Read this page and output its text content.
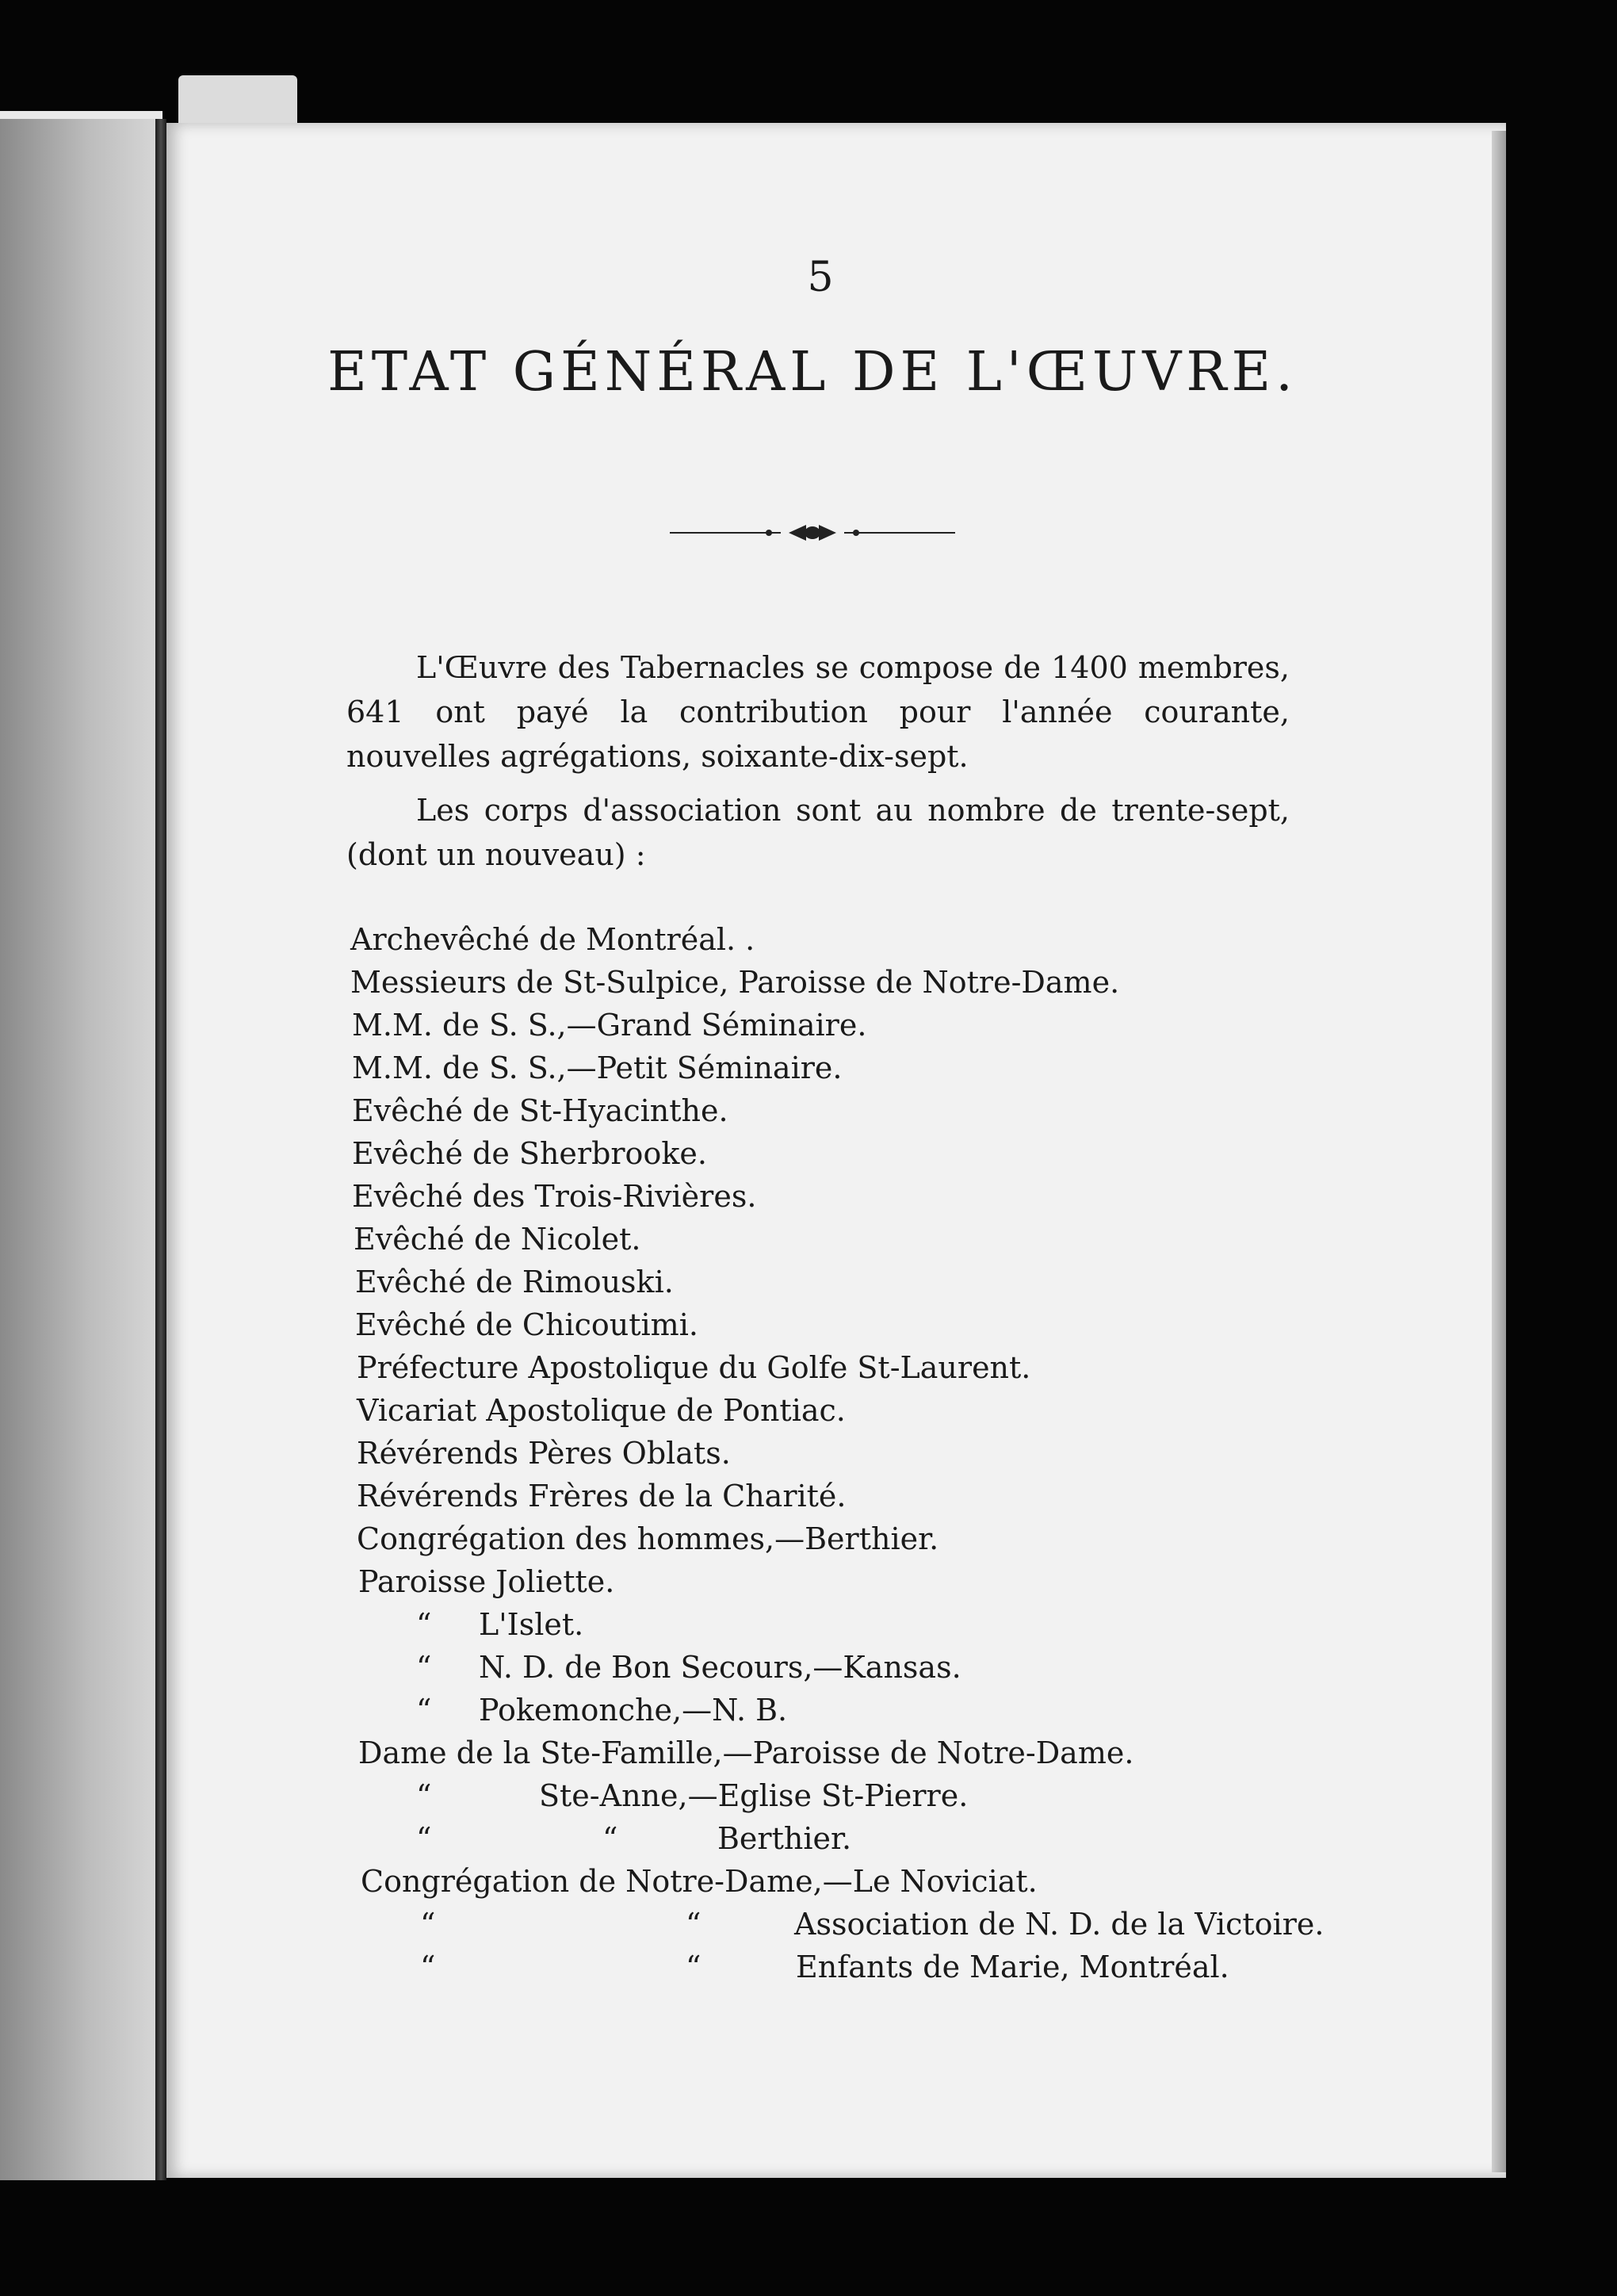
5
ETAT GÉNÉRAL DE L'ŒUVRE.
L'Œuvre des Tabernacles se compose de 1400 membres, 641 ont payé la contribution pour l'année courante, nouvelles agrégations, soixante-dix-sept.
Les corps d'association sont au nombre de trente-sept, (dont un nouveau) :
Archevêché de Montréal. .
Messieurs de St-Sulpice, Paroisse de Notre-Dame.
M.M. de S. S.,—Grand Séminaire.
M.M. de S. S.,—Petit Séminaire.
Evêché de St-Hyacinthe.
Evêché de Sherbrooke.
Evêché des Trois-Rivières.
Evêché de Nicolet.
Evêché de Rimouski.
Evêché de Chicoutimi.
Préfecture Apostolique du Golfe St-Laurent.
Vicariat Apostolique de Pontiac.
Révérends Pères Oblats.
Révérends Frères de la Charité.
Congrégation des hommes,—Berthier.
Paroisse Joliette.
“ L'Islet.
“ N. D. de Bon Secours,—Kansas.
“ Pokemonche,—N. B.
Dame de la Ste-Famille,—Paroisse de Notre-Dame.
“	Ste-Anne,—Eglise St-Pierre.
“	“	Berthier.
Congrégation de Notre-Dame,—Le Noviciat.
“	“	Association de N. D. de la Victoire.
“	“	Enfants de Marie, Montréal.
